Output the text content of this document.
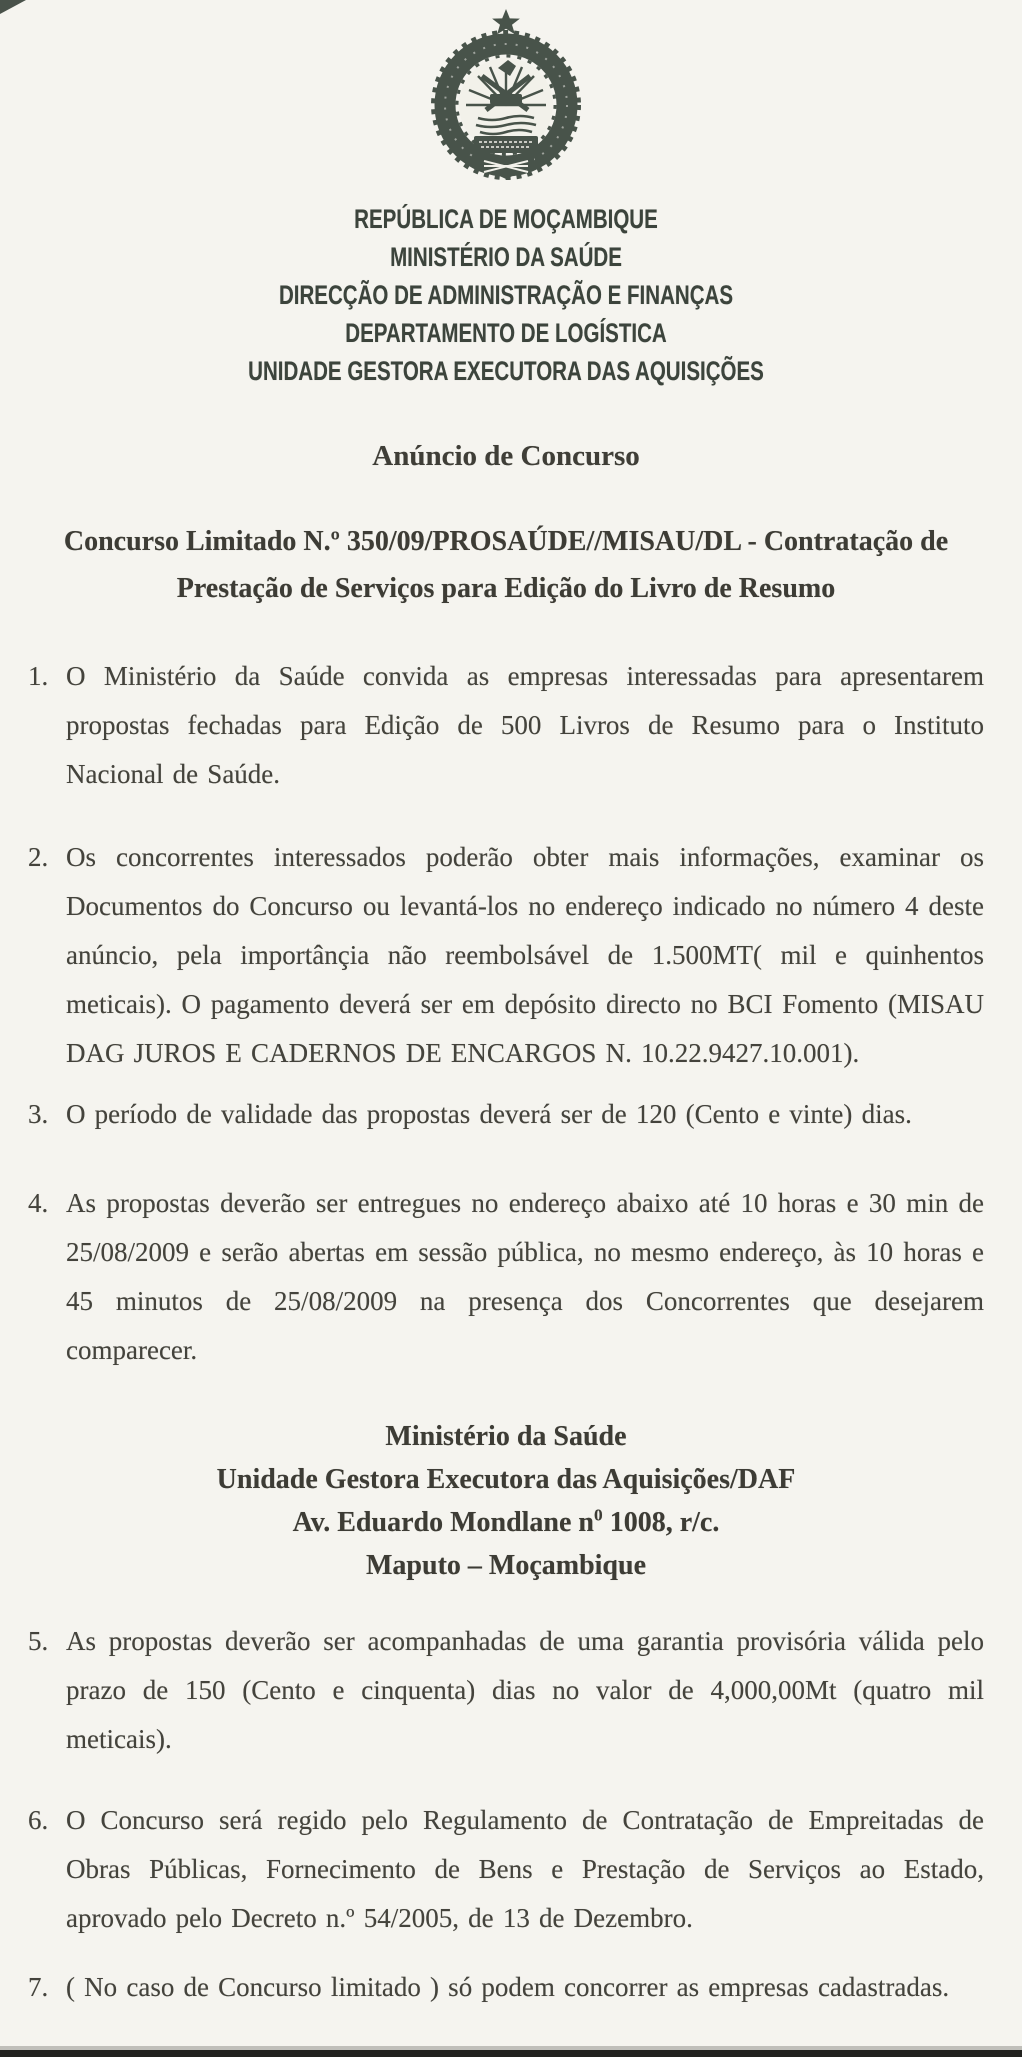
REPÚBLICA DE MOÇAMBIQUE
MINISTÉRIO DA SAÚDE
DIRECÇÃO DE ADMINISTRAÇÃO E FINANÇAS
DEPARTAMENTO DE LOGÍSTICA
UNIDADE GESTORA EXECUTORA DAS AQUISIÇÕES
Anúncio de Concurso
Concurso Limitado N.º 350/09/PROSAÚDE//MISAU/DL - Contratação de
Prestação de Serviços para Edição do Livro de Resumo
1. O Ministério da Saúde convida as empresas interessadas para apresentarem propostas fechadas para Edição de 500 Livros de Resumo para o Instituto Nacional de Saúde.
2. Os concorrentes interessados poderão obter mais informações, examinar os Documentos do Concurso ou levantá-los no endereço indicado no número 4 deste anúncio, pela importânçia não reembolsável de 1.500MT( mil e quinhentos meticais). O pagamento deverá ser em depósito directo no BCI Fomento (MISAU DAG JUROS E CADERNOS DE ENCARGOS N. 10.22.9427.10.001).
3. O período de validade das propostas deverá ser de 120 (Cento e vinte) dias.
4. As propostas deverão ser entregues no endereço abaixo até 10 horas e 30 min de 25/08/2009 e serão abertas em sessão pública, no mesmo endereço, às 10 horas e 45 minutos de 25/08/2009 na presença dos Concorrentes que desejarem comparecer.
Ministério da Saúde
Unidade Gestora Executora das Aquisições/DAF
Av. Eduardo Mondlane $n^0$ 1008, r/c.
Maputo – Moçambique
5. As propostas deverão ser acompanhadas de uma garantia provisória válida pelo prazo de 150 (Cento e cinquenta) dias no valor de 4,000,00Mt (quatro mil meticais).
6. O Concurso será regido pelo Regulamento de Contratação de Empreitadas de Obras Públicas, Fornecimento de Bens e Prestação de Serviços ao Estado, aprovado pelo Decreto n.º 54/2005, de 13 de Dezembro.
7. ( No caso de Concurso limitado ) só podem concorrer as empresas cadastradas.
